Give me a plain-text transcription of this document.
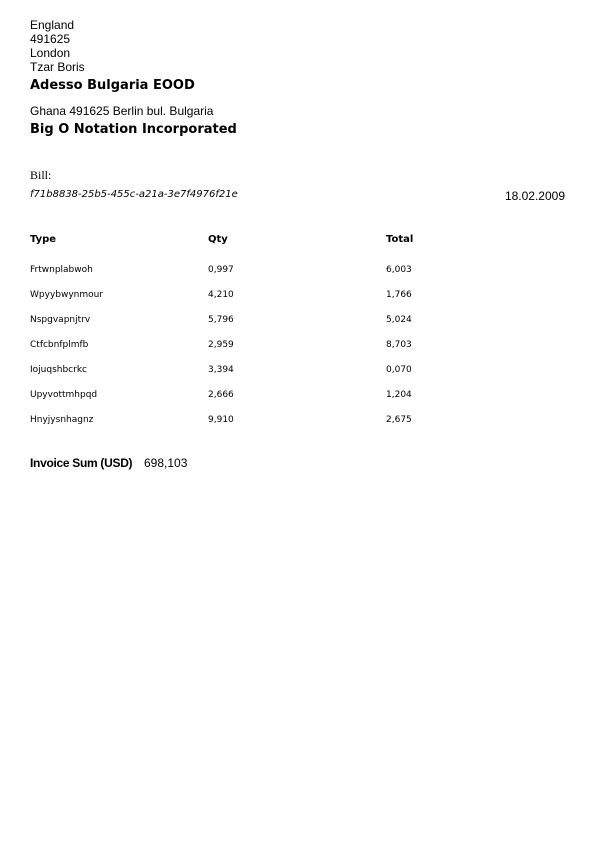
England
491625
London
Tzar Boris
Adesso Bulgaria EOOD
Ghana 491625 Berlin bul. Bulgaria
Big O Notation Incorporated
Bill:
f71b8838-25b5-455c-a21a-3e7f4976f21e	18.02.2009
Type	Qty	Total
Frtwnplabwoh	0,997	6,003
Wpyybwynmour	4,210	1,766
Nspgvapnjtrv	5,796	5,024
Ctfcbnfplmfb	2,959	8,703
Iojuqshbcrkc	3,394	0,070
Upyvottmhpqd	2,666	1,204
Hnyjysnhagnz	9,910	2,675
Invoice Sum (USD) 698,103
